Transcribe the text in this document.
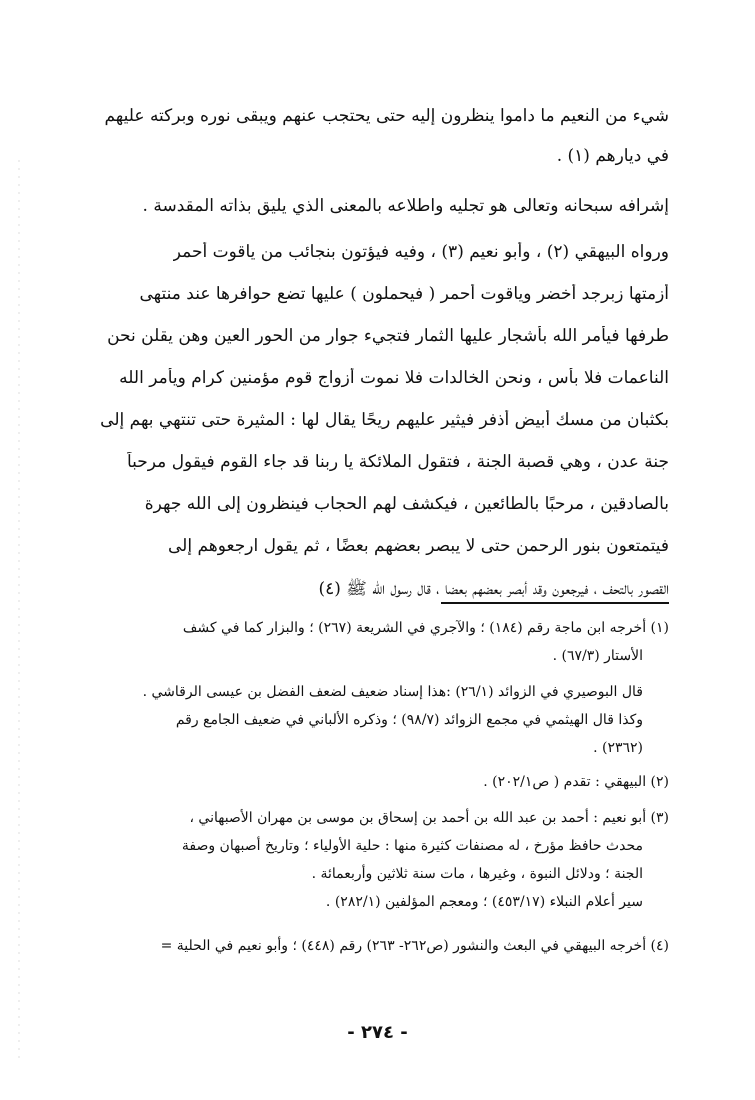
شيء من النعيم ما داموا ينظرون إليه حتى يحتجب عنهم ويبقى نوره وبركته عليهم
في ديارهم (١) .
إشرافه سبحانه وتعالى هو تجليه واطلاعه بالمعنى الذي يليق بذاته المقدسة .
ورواه البيهقي (٢) ، وأبو نعيم (٣) ، وفيه فيؤتون بنجائب من ياقوت أحمر
أزمتها زبرجد أخضر وياقوت أحمر ( فيحملون ) عليها تضع حوافرها عند منتهى
طرفها فيأمر الله بأشجار عليها الثمار فتجيء جوار من الحور العين وهن يقلن نحن
الناعمات فلا بأس ، ونحن الخالدات فلا نموت أزواج قوم مؤمنين كرام ويأمر الله
بكثبان من مسك أبيض أذفر فيثير عليهم ريحًا يقال لها : المثيرة حتى تنتهي بهم إلى
جنة عدن ، وهي قصبة الجنة ، فتقول الملائكة يا ربنا قد جاء القوم فيقول مرحباً
بالصادقين ، مرحبًا بالطائعين ، فيكشف لهم الحجاب فينظرون إلى الله جهرة
فيتمتعون بنور الرحمن حتى لا يبصر بعضهم بعضًا ، ثم يقول ارجعوهم إلى
القصور بالتحف ، فيرجعون وقد أبصر بعضهم بعضا ، قال رسول الله ﷺ (٤)
(١) أخرجه ابن ماجة رقم (١٨٤) ؛ والآجري في الشريعة (٢٦٧) ؛ والبزار كما في كشف
الأستار (٦٧/٣) .
قال البوصيري في الزوائد (٢٦/١) :هذا إسناد ضعيف لضعف الفضل بن عيسى الرقاشي .
وكذا قال الهيثمي في مجمع الزوائد (٩٨/٧) ؛ وذكره الألباني في ضعيف الجامع رقم
(٢٣٦٢) .
(٢) البيهقي : تقدم ( ص٢٠٢/١) .
(٣) أبو نعيم : أحمد بن عبد الله بن أحمد بن إسحاق بن موسى بن مهران الأصبهاني ،
محدث حافظ مؤرخ ، له مصنفات كثيرة منها : حلية الأولياء ؛ وتاريخ أصبهان وصفة
الجنة ؛ ودلائل النبوة ، وغيرها ، مات سنة ثلاثين وأربعمائة .
سير أعلام النبلاء (٤٥٣/١٧) ؛ ومعجم المؤلفين (٢٨٢/١) .
(٤) أخرجه البيهقي في البعث والنشور (ص٢٦٢- ٢٦٣) رقم (٤٤٨) ؛ وأبو نعيم في الحلية =
- ٢٧٤ -
